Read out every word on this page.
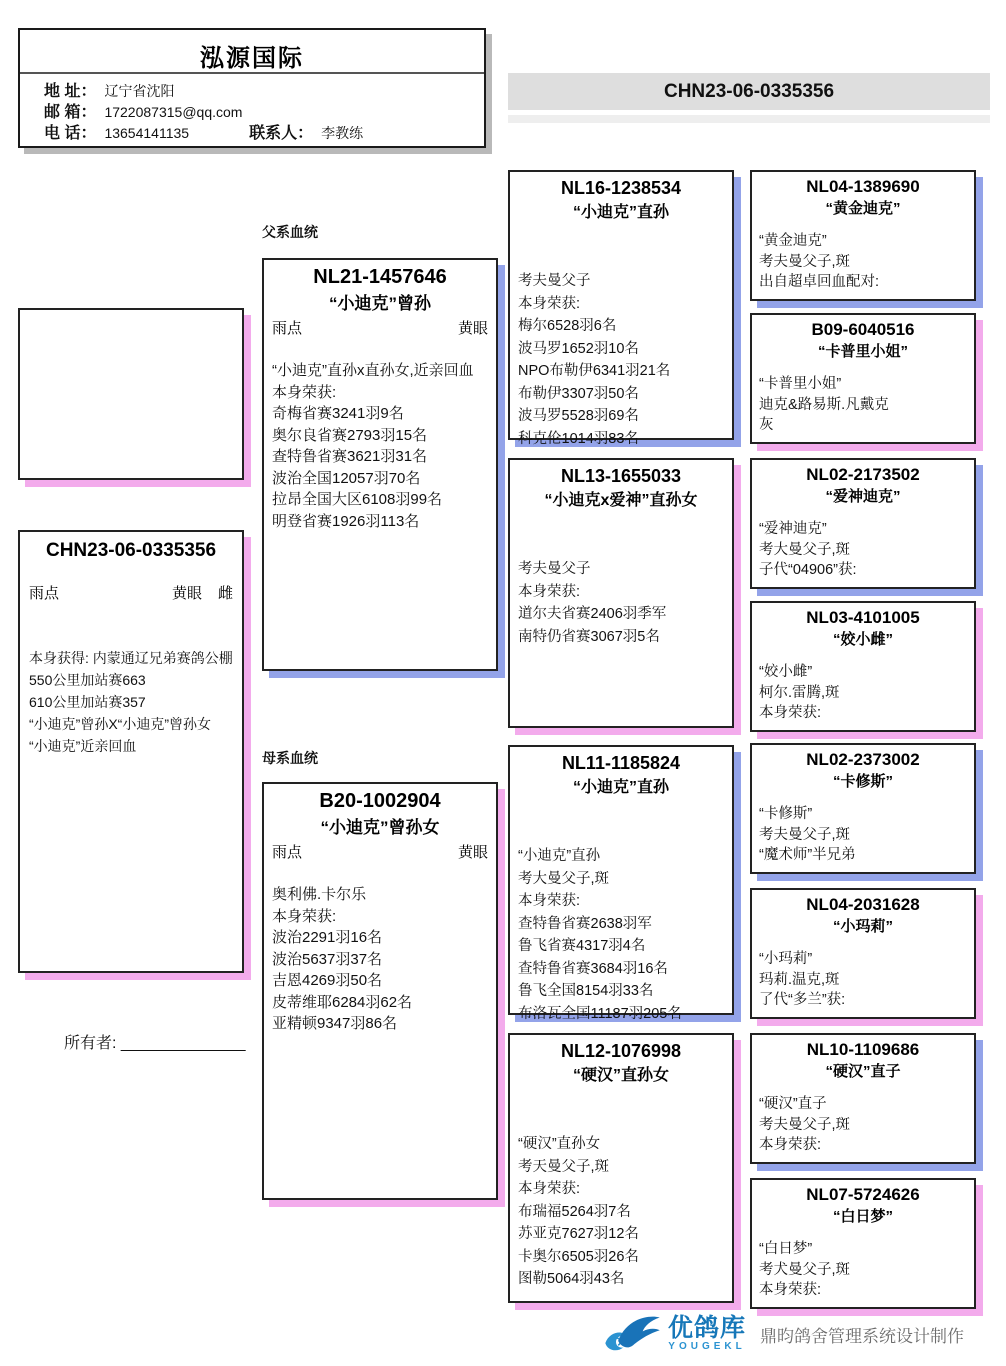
泓源国际
地 址： 辽宁省沈阳
邮 箱： 1722087315@qq.com
电 话： 13654141135	联系人： 李教练
CHN23-06-0335356
CHN23-06-0335356
雨点	黄眼 雌
本身获得: 内蒙通辽兄弟赛鸽公棚
550公里加站赛663
610公里加站赛357
“小迪克”曾孙X“小迪克”曾孙女
“小迪克”近亲回血
所有者: ______________
父系血统
NL21-1457646
“小迪克”曾孙
雨点	黄眼
“小迪克”直孙x直孙女,近亲回血
本身荣获:
奇梅省赛3241羽9名
奥尔良省赛2793羽15名
查特鲁省赛3621羽31名
波治全国12057羽70名
拉昂全国大区6108羽99名
明登省赛1926羽113名
母系血统
B20-1002904
“小迪克”曾孙女
雨点	黄眼
奥利佛.卡尔乐
本身荣获:
波治2291羽16名
波治5637羽37名
吉恩4269羽50名
皮蒂维耶6284羽62名
亚精顿9347羽86名
NL16-1238534
“小迪克”直孙
考夫曼父子
本身荣获:
梅尔6528羽6名
波马罗1652羽10名
NPO布勒伊6341羽21名
布勒伊3307羽50名
波马罗5528羽69名
科克伦1014羽83名
NL13-1655033
“小迪克x爱神”直孙女
考夫曼父子
本身荣获:
道尔夫省赛2406羽季军
南特仍省赛3067羽5名
NL11-1185824
“小迪克”直孙
“小迪克”直孙
考大曼父子,斑
本身荣获:
查特鲁省赛2638羽军
鲁飞省赛4317羽4名
查特鲁省赛3684羽16名
鲁飞全国8154羽33名
布洛瓦全国11187羽205名
NL12-1076998
“硬汉”直孙女
“硬汉”直孙女
考天曼父子,斑
本身荣获:
布瑞福5264羽7名
苏亚克7627羽12名
卡奥尔6505羽26名
图勒5064羽43名
NL04-1389690
“黄金迪克”
“黄金迪克”
考夫曼父子,斑
出自超卓回血配对:
B09-6040516
“卡普里小姐”
“卡普里小姐”
迪克&路易斯.凡戴克
灰
NL02-2173502
“爱神迪克”
“爱神迪克”
考大曼父子,斑
子代“04906”获:
NL03-4101005
“姣小雌”
“姣小雌”
柯尔.雷腾,斑
本身荣获:
NL02-2373002
“卡修斯”
“卡修斯”
考夫曼父子,斑
“魔术师”半兄弟
NL04-2031628
“小玛莉”
“小玛莉”
玛莉.温克,斑
了代“多兰”获:
NL10-1109686
“硬汉”直子
“硬汉”直子
考夫曼父子,斑
本身荣获:
NL07-5724626
“白日梦”
“白日梦”
考犬曼父子,斑
本身荣获:
优鸽库
YOUGEKL
鼎昀鸽舍管理系统设计制作
